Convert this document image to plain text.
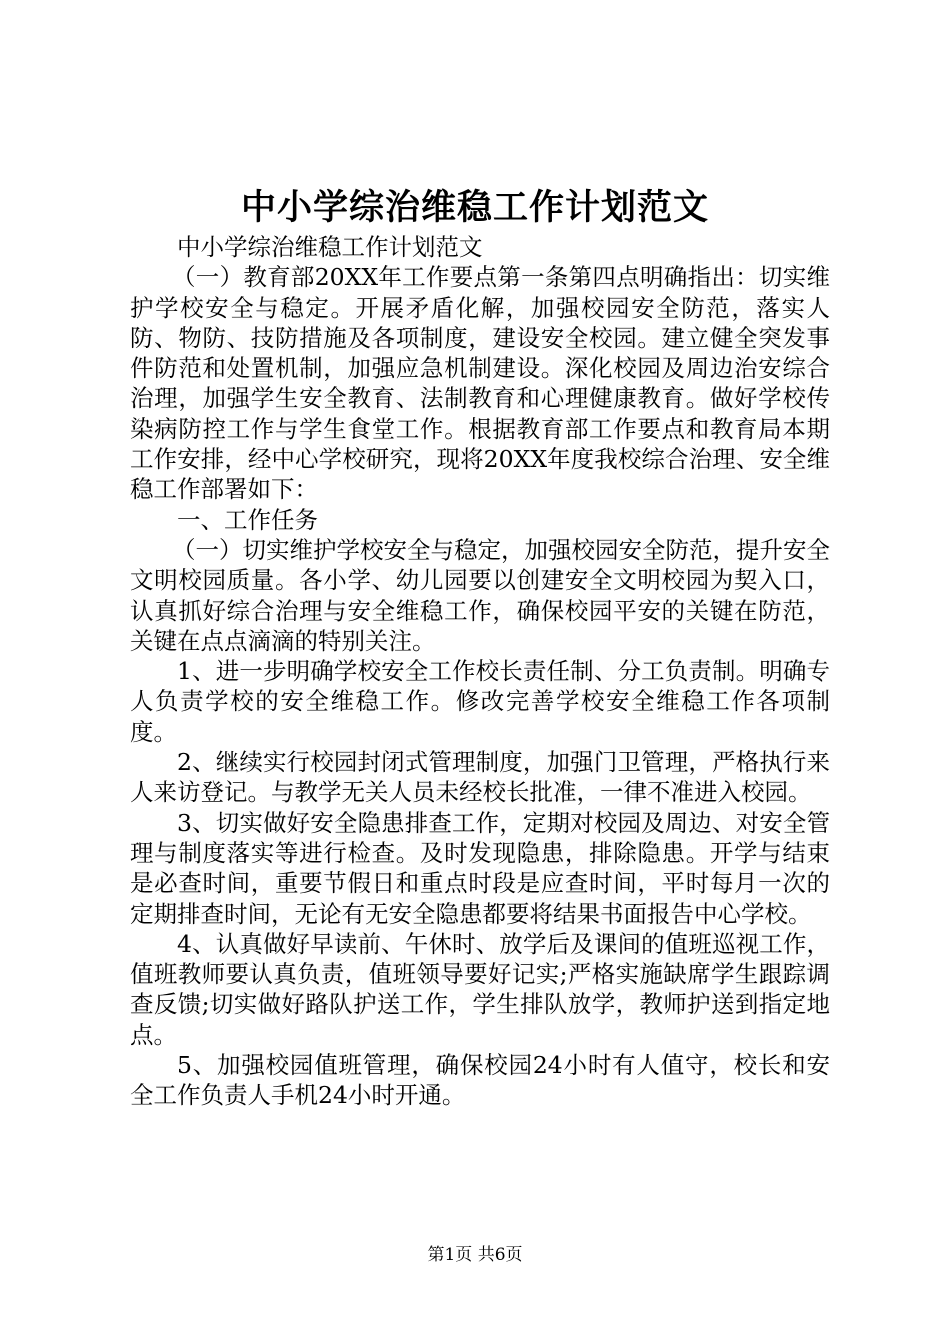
中小学综治维稳工作计划范文

中小学综治维稳工作计划范文

（一）教育部20XX年工作要点第一条第四点明确指出：切实维护学校安全与稳定。开展矛盾化解，加强校园安全防范，落实人防、物防、技防措施及各项制度，建设安全校园。建立健全突发事件防范和处置机制，加强应急机制建设。深化校园及周边治安综合治理，加强学生安全教育、法制教育和心理健康教育。做好学校传染病防控工作与学生食堂工作。根据教育部工作要点和教育局本期工作安排，经中心学校研究，现将20XX年度我校综合治理、安全维稳工作部署如下：

一、工作任务

（一）切实维护学校安全与稳定，加强校园安全防范，提升安全文明校园质量。各小学、幼儿园要以创建安全文明校园为契入口，认真抓好综合治理与安全维稳工作，确保校园平安的关键在防范，关键在点点滴滴的特别关注。

1、进一步明确学校安全工作校长责任制、分工负责制。明确专人负责学校的安全维稳工作。修改完善学校安全维稳工作各项制度。

2、继续实行校园封闭式管理制度，加强门卫管理，严格执行来人来访登记。与教学无关人员未经校长批准，一律不准进入校园。

3、切实做好安全隐患排查工作，定期对校园及周边、对安全管理与制度落实等进行检查。及时发现隐患，排除隐患。开学与结束是必查时间，重要节假日和重点时段是应查时间，平时每月一次的定期排查时间，无论有无安全隐患都要将结果书面报告中心学校。

4、认真做好早读前、午休时、放学后及课间的值班巡视工作，值班教师要认真负责，值班领导要好记实;严格实施缺席学生跟踪调查反馈;切实做好路队护送工作，学生排队放学，教师护送到指定地点。

5、加强校园值班管理，确保校园24小时有人值守，校长和安全工作负责人手机24小时开通。

第1页 共6页
